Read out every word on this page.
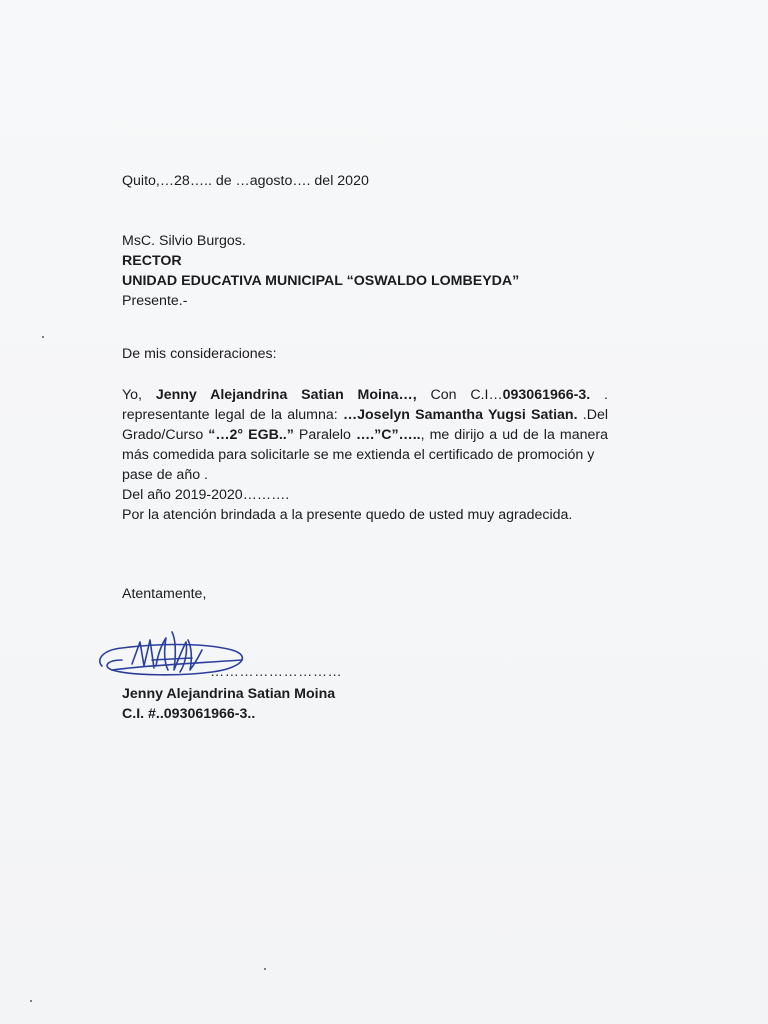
Quito,…28….. de …agosto…. del 2020
MsC. Silvio Burgos.
RECTOR
UNIDAD EDUCATIVA MUNICIPAL “OSWALDO LOMBEYDA”
Presente.-
De mis consideraciones:
Yo, Jenny Alejandrina Satian Moina…, Con C.I…093061966-3. .
representante legal de la alumna: …Joselyn Samantha Yugsi Satian. .Del
Grado/Curso “…2° EGB..” Paralelo ….”C”….., me dirijo a ud de la manera
más comedida para solicitarle se me extienda el certificado de promoción y
pase de año .
Del año 2019-2020……….
Por la atención brindada a la presente quedo de usted muy agradecida.
Atentamente,
………………………
Jenny Alejandrina Satian Moina
C.I. #..093061966-3..
